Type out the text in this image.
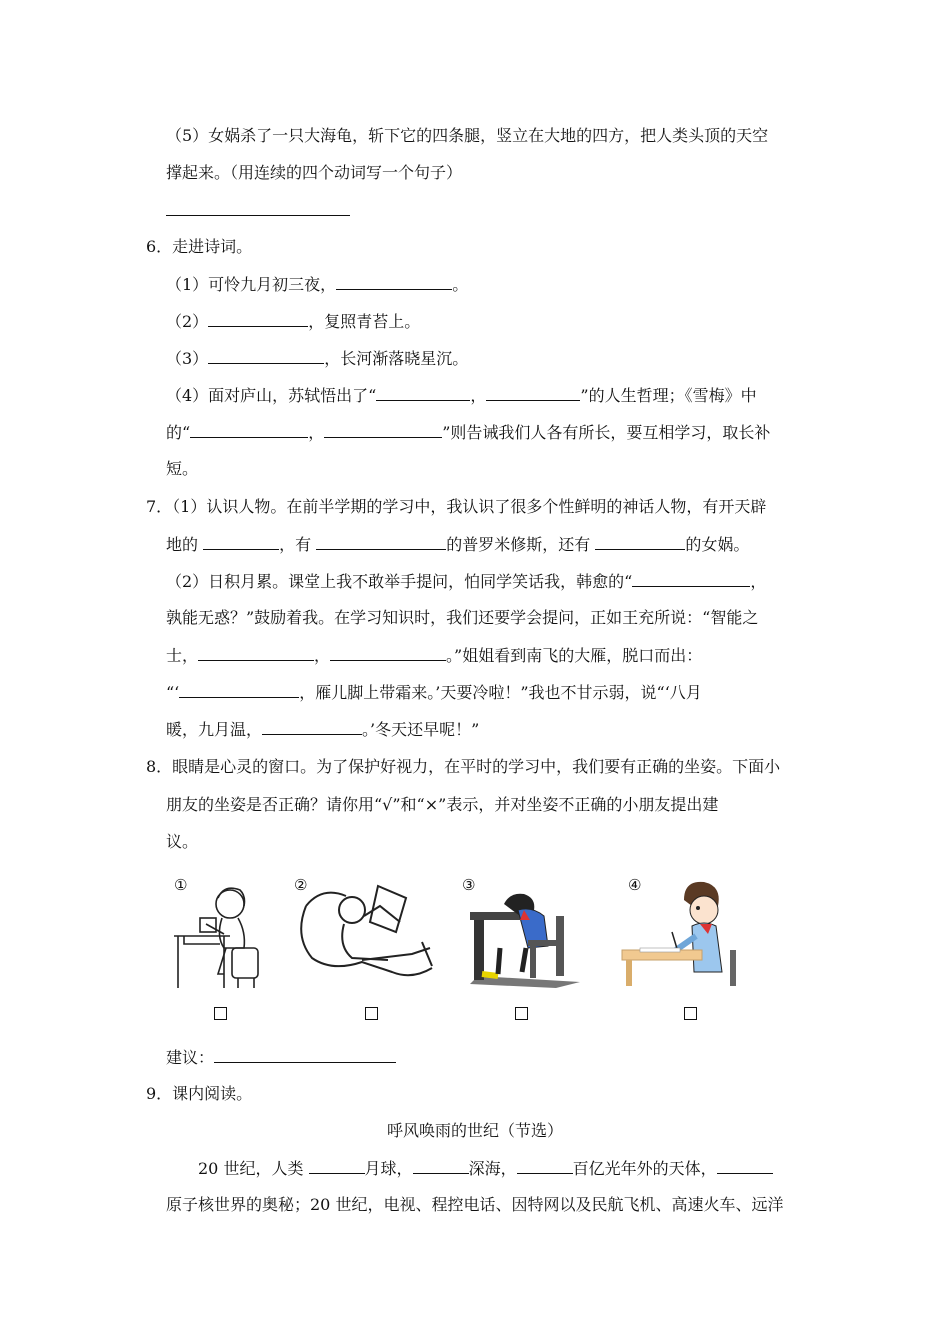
（5）女娲杀了一只大海龟，斩下它的四条腿，竖立在大地的四方，把人类头顶的天空
撑起来。（用连续的四个动词写一个句子）
6．走进诗词。
（1）可怜九月初三夜，	。
（2）	，复照青苔上。
（3）	，长河渐落晓星沉。
（4）面对庐山，苏轼悟出了“	，	”的人生哲理；《雪梅》中
的“	，	”则告诫我们人各有所长，要互相学习，取长补
短。
7．（1）认识人物。在前半学期的学习中，我认识了很多个性鲜明的神话人物，有开天辟
地的	，有	的普罗米修斯，还有	的女娲。
（2）日积月累。课堂上我不敢举手提问，怕同学笑话我，韩愈的“	，
孰能无惑？”鼓励着我。在学习知识时，我们还要学会提问，正如王充所说：“智能之
士，	，	。”姐姐看到南飞的大雁，脱口而出：
“‘	，雁儿脚上带霜来。’天要冷啦！”我也不甘示弱，说“‘八月
暖，九月温，	。’冬天还早呢！”
8．眼睛是心灵的窗口。为了保护好视力，在平时的学习中，我们要有正确的坐姿。下面小
朋友的坐姿是否正确？请你用“√”和“×”表示，并对坐姿不正确的小朋友提出建
议。
①	②	③	④
建议：
9．课内阅读。
呼风唤雨的世纪（节选）
20 世纪，人类	月球，	深海，	百亿光年外的天体，
原子核世界的奥秘；20 世纪，电视、程控电话、因特网以及民航飞机、高速火车、远洋
